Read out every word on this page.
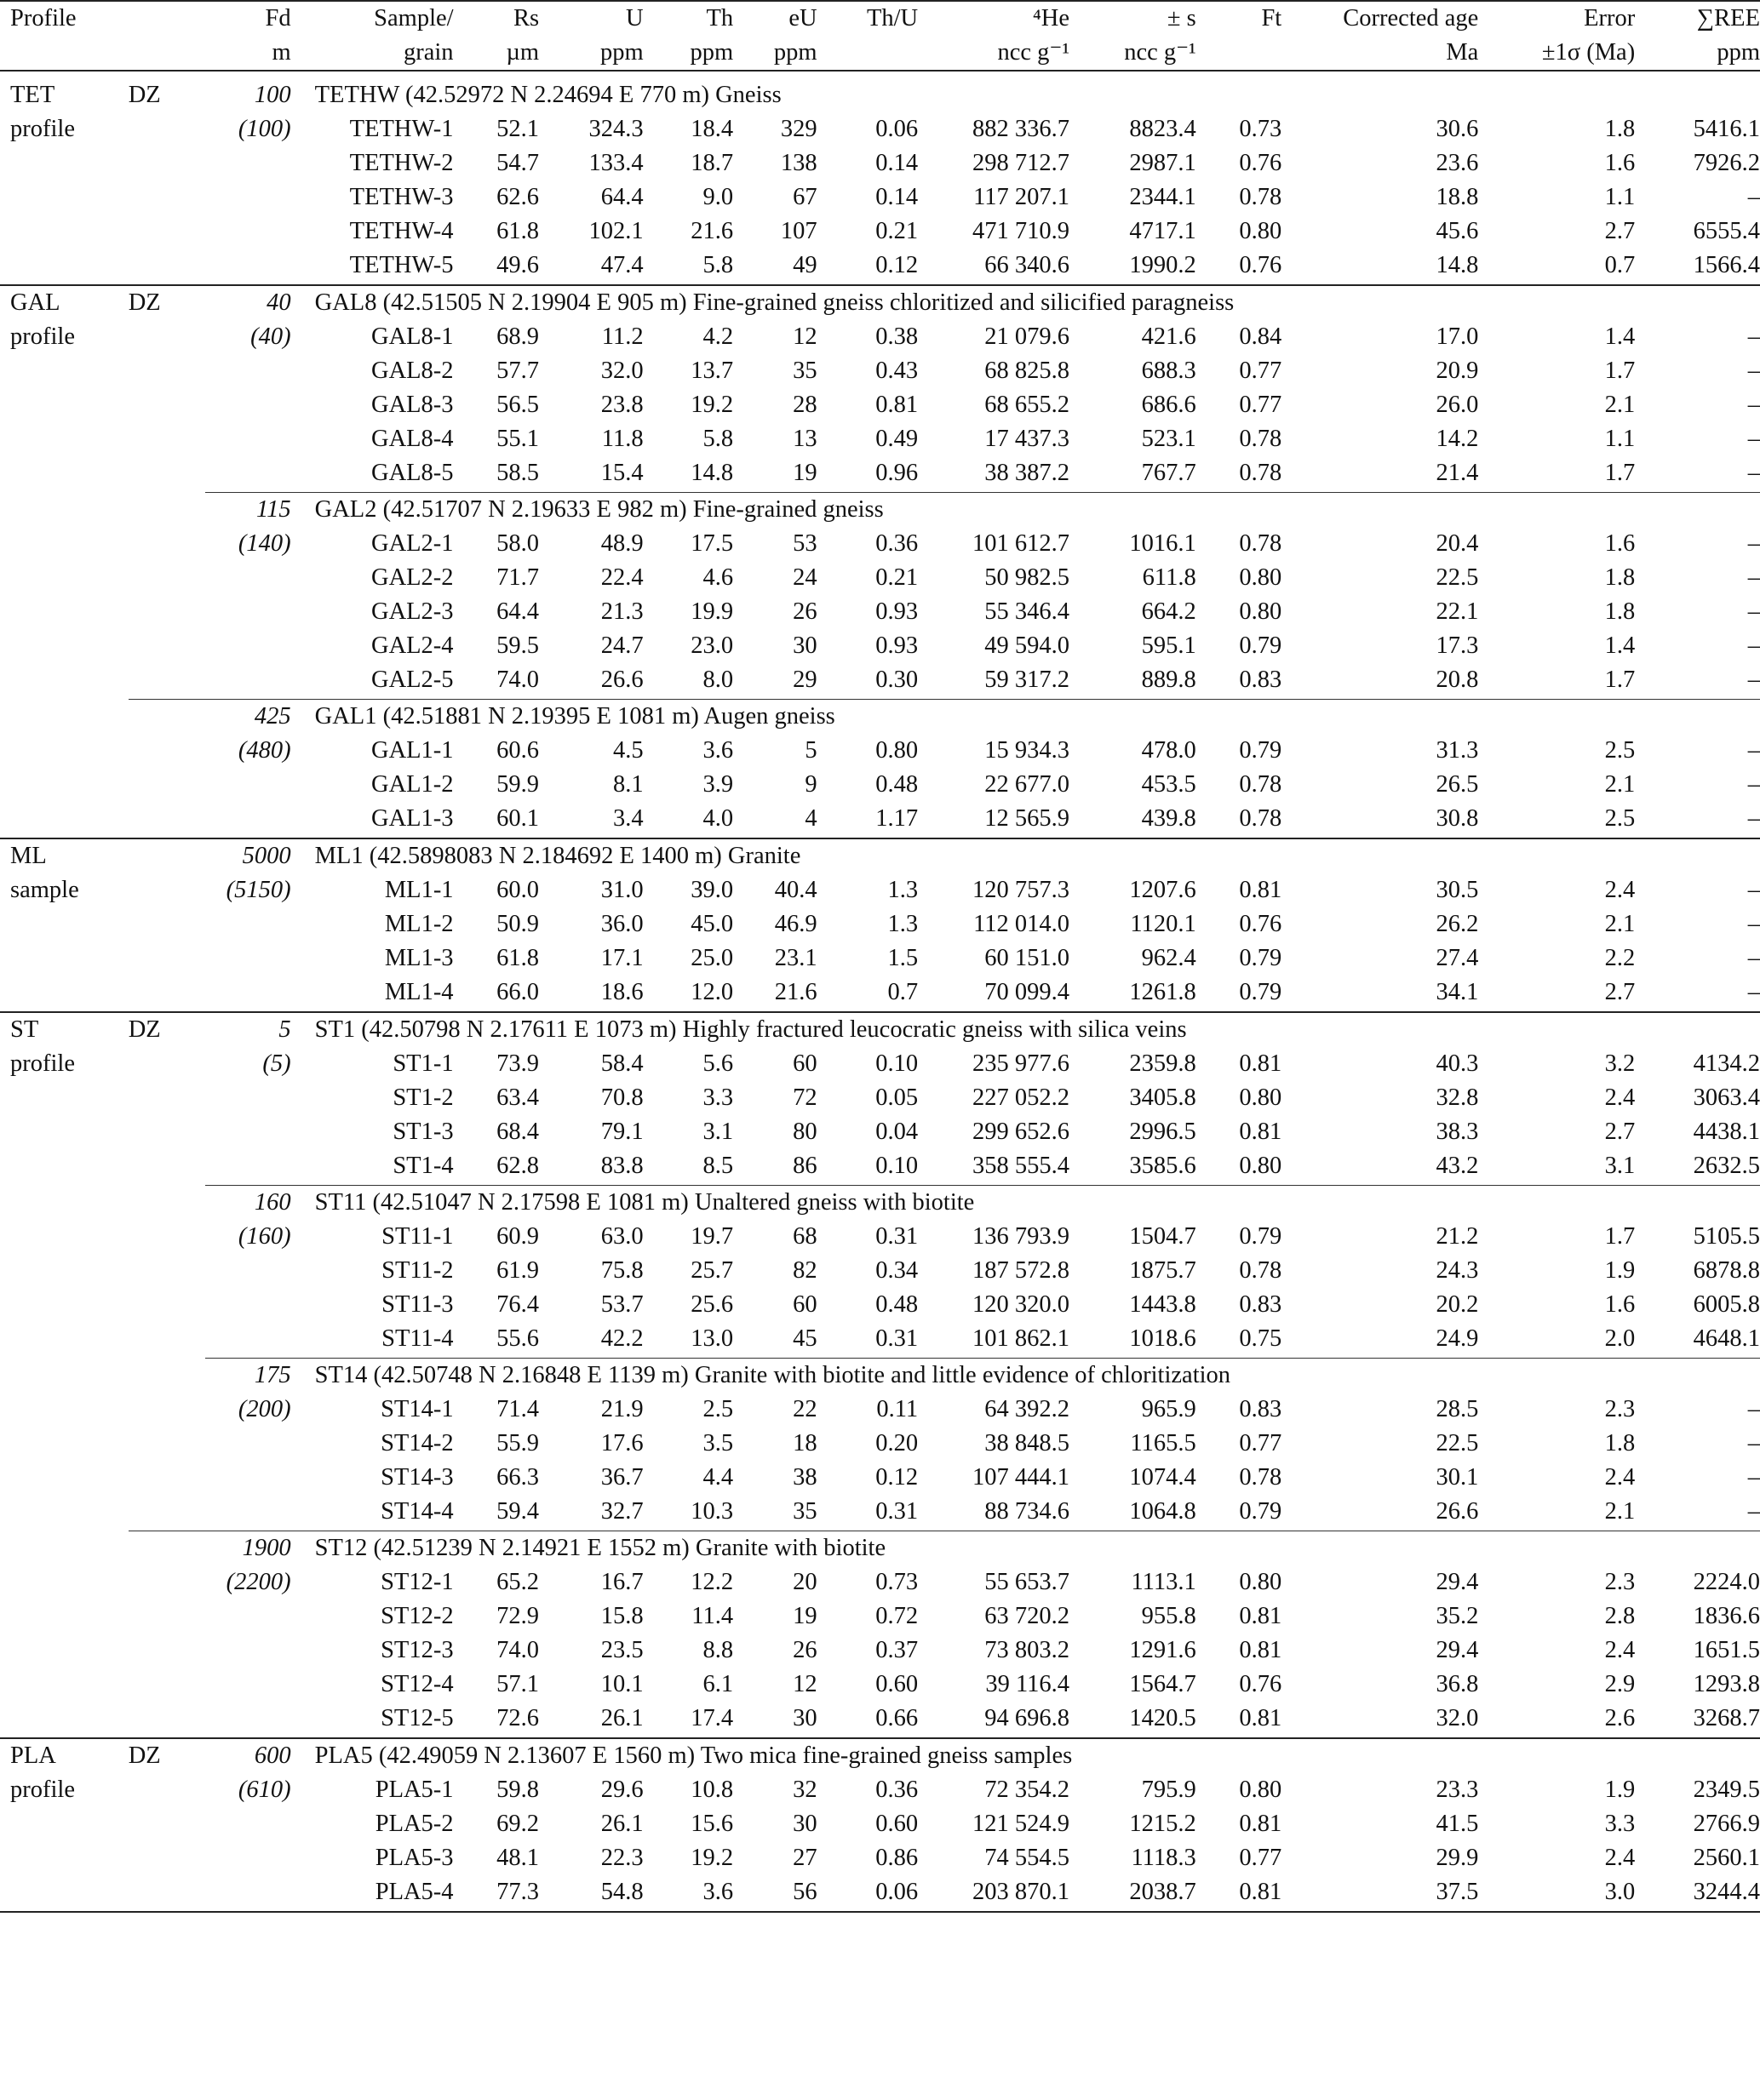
Profile		Fd	Sample/	Rs	U	Th	eU	Th/U	⁴He	± s	Ft	Corrected age	Error	∑REE
		m	grain	µm	ppm	ppm	ppm		ncc g⁻¹	ncc g⁻¹		Ma	±1σ (Ma)	ppm

TET	DZ	100	TETHW (42.52972 N 2.24694 E 770 m) Gneiss											
profile		(100)	TETHW-1	52.1	324.3	18.4	329	0.06	882 336.7	8823.4	0.73	30.6	1.8	5416.1
			TETHW-2	54.7	133.4	18.7	138	0.14	298 712.7	2987.1	0.76	23.6	1.6	7926.2
			TETHW-3	62.6	64.4	9.0	67	0.14	117 207.1	2344.1	0.78	18.8	1.1	–
			TETHW-4	61.8	102.1	21.6	107	0.21	471 710.9	4717.1	0.80	45.6	2.7	6555.4
			TETHW-5	49.6	47.4	5.8	49	0.12	66 340.6	1990.2	0.76	14.8	0.7	1566.4
GAL	DZ	40	GAL8 (42.51505 N 2.19904 E 905 m) Fine-grained gneiss chloritized and silicified paragneiss											
profile		(40)	GAL8-1	68.9	11.2	4.2	12	0.38	21 079.6	421.6	0.84	17.0	1.4	–
			GAL8-2	57.7	32.0	13.7	35	0.43	68 825.8	688.3	0.77	20.9	1.7	–
			GAL8-3	56.5	23.8	19.2	28	0.81	68 655.2	686.6	0.77	26.0	2.1	–
			GAL8-4	55.1	11.8	5.8	13	0.49	17 437.3	523.1	0.78	14.2	1.1	–
			GAL8-5	58.5	15.4	14.8	19	0.96	38 387.2	767.7	0.78	21.4	1.7	–
		115	GAL2 (42.51707 N 2.19633 E 982 m) Fine-grained gneiss											
		(140)	GAL2-1	58.0	48.9	17.5	53	0.36	101 612.7	1016.1	0.78	20.4	1.6	–
			GAL2-2	71.7	22.4	4.6	24	0.21	50 982.5	611.8	0.80	22.5	1.8	–
			GAL2-3	64.4	21.3	19.9	26	0.93	55 346.4	664.2	0.80	22.1	1.8	–
			GAL2-4	59.5	24.7	23.0	30	0.93	49 594.0	595.1	0.79	17.3	1.4	–
			GAL2-5	74.0	26.6	8.0	29	0.30	59 317.2	889.8	0.83	20.8	1.7	–
		425	GAL1 (42.51881 N 2.19395 E 1081 m) Augen gneiss											
		(480)	GAL1-1	60.6	4.5	3.6	5	0.80	15 934.3	478.0	0.79	31.3	2.5	–
			GAL1-2	59.9	8.1	3.9	9	0.48	22 677.0	453.5	0.78	26.5	2.1	–
			GAL1-3	60.1	3.4	4.0	4	1.17	12 565.9	439.8	0.78	30.8	2.5	–
ML		5000	ML1 (42.5898083 N 2.184692 E 1400 m) Granite											
sample		(5150)	ML1-1	60.0	31.0	39.0	40.4	1.3	120 757.3	1207.6	0.81	30.5	2.4	–
			ML1-2	50.9	36.0	45.0	46.9	1.3	112 014.0	1120.1	0.76	26.2	2.1	–
			ML1-3	61.8	17.1	25.0	23.1	1.5	60 151.0	962.4	0.79	27.4	2.2	–
			ML1-4	66.0	18.6	12.0	21.6	0.7	70 099.4	1261.8	0.79	34.1	2.7	–
ST	DZ	5	ST1 (42.50798 N 2.17611 E 1073 m) Highly fractured leucocratic gneiss with silica veins											
profile		(5)	ST1-1	73.9	58.4	5.6	60	0.10	235 977.6	2359.8	0.81	40.3	3.2	4134.2
			ST1-2	63.4	70.8	3.3	72	0.05	227 052.2	3405.8	0.80	32.8	2.4	3063.4
			ST1-3	68.4	79.1	3.1	80	0.04	299 652.6	2996.5	0.81	38.3	2.7	4438.1
			ST1-4	62.8	83.8	8.5	86	0.10	358 555.4	3585.6	0.80	43.2	3.1	2632.5
		160	ST11 (42.51047 N 2.17598 E 1081 m) Unaltered gneiss with biotite											
		(160)	ST11-1	60.9	63.0	19.7	68	0.31	136 793.9	1504.7	0.79	21.2	1.7	5105.5
			ST11-2	61.9	75.8	25.7	82	0.34	187 572.8	1875.7	0.78	24.3	1.9	6878.8
			ST11-3	76.4	53.7	25.6	60	0.48	120 320.0	1443.8	0.83	20.2	1.6	6005.8
			ST11-4	55.6	42.2	13.0	45	0.31	101 862.1	1018.6	0.75	24.9	2.0	4648.1
		175	ST14 (42.50748 N 2.16848 E 1139 m) Granite with biotite and little evidence of chloritization											
		(200)	ST14-1	71.4	21.9	2.5	22	0.11	64 392.2	965.9	0.83	28.5	2.3	–
			ST14-2	55.9	17.6	3.5	18	0.20	38 848.5	1165.5	0.77	22.5	1.8	–
			ST14-3	66.3	36.7	4.4	38	0.12	107 444.1	1074.4	0.78	30.1	2.4	–
			ST14-4	59.4	32.7	10.3	35	0.31	88 734.6	1064.8	0.79	26.6	2.1	–
		1900	ST12 (42.51239 N 2.14921 E 1552 m) Granite with biotite											
		(2200)	ST12-1	65.2	16.7	12.2	20	0.73	55 653.7	1113.1	0.80	29.4	2.3	2224.0
			ST12-2	72.9	15.8	11.4	19	0.72	63 720.2	955.8	0.81	35.2	2.8	1836.6
			ST12-3	74.0	23.5	8.8	26	0.37	73 803.2	1291.6	0.81	29.4	2.4	1651.5
			ST12-4	57.1	10.1	6.1	12	0.60	39 116.4	1564.7	0.76	36.8	2.9	1293.8
			ST12-5	72.6	26.1	17.4	30	0.66	94 696.8	1420.5	0.81	32.0	2.6	3268.7
PLA	DZ	600	PLA5 (42.49059 N 2.13607 E 1560 m) Two mica fine-grained gneiss samples											
profile		(610)	PLA5-1	59.8	29.6	10.8	32	0.36	72 354.2	795.9	0.80	23.3	1.9	2349.5
			PLA5-2	69.2	26.1	15.6	30	0.60	121 524.9	1215.2	0.81	41.5	3.3	2766.9
			PLA5-3	48.1	22.3	19.2	27	0.86	74 554.5	1118.3	0.77	29.9	2.4	2560.1
			PLA5-4	77.3	54.8	3.6	56	0.06	203 870.1	2038.7	0.81	37.5	3.0	3244.4
